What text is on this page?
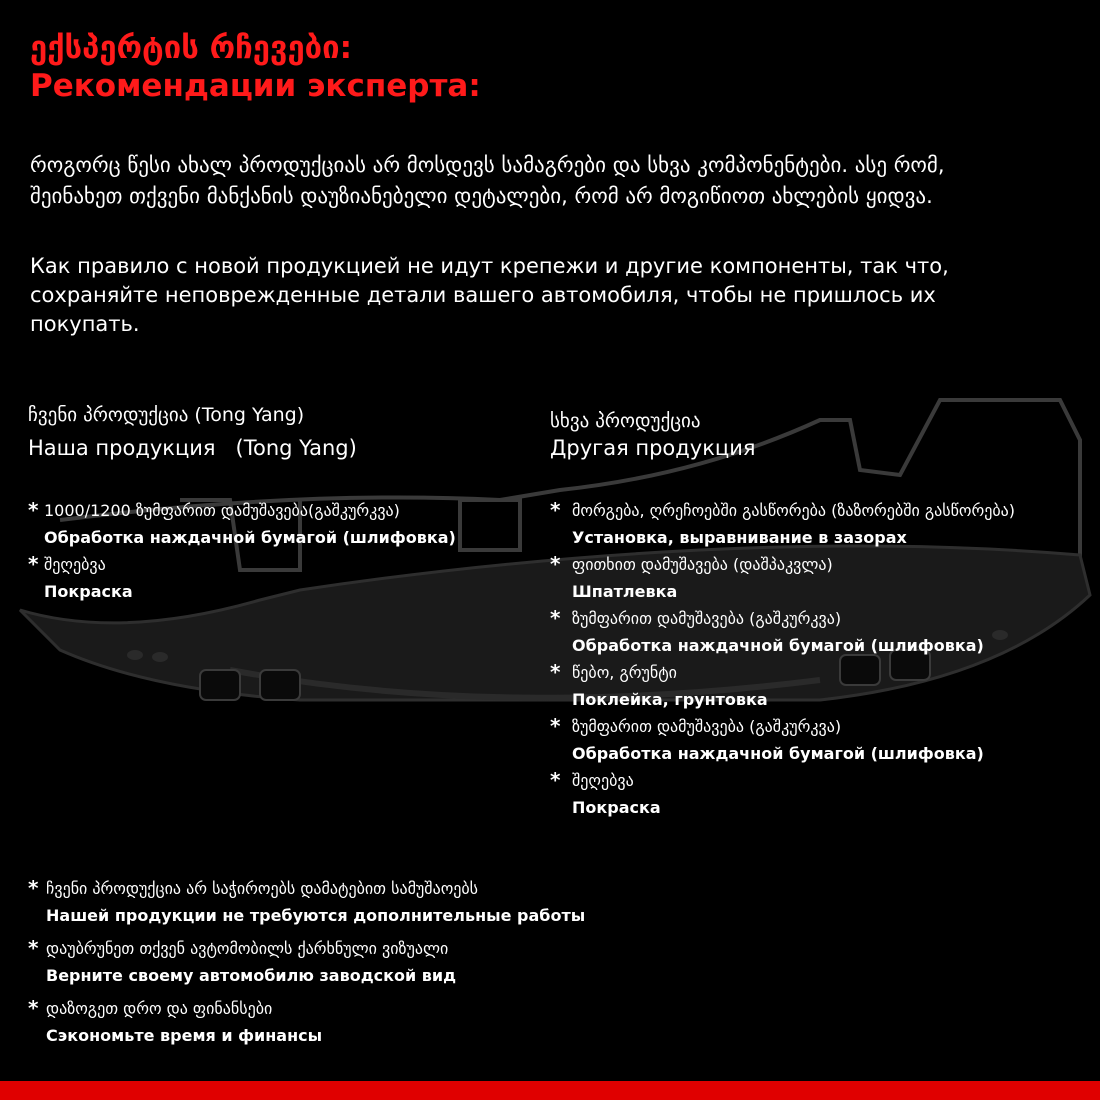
ექსპერტის რჩევები:
Рекомендации эксперта:

როგორც წესი ახალ პროდუქციას არ მოსდევს სამაგრები და სხვა კომპონენტები. ასე რომ, შეინახეთ თქვენი მანქანის დაუზიანებელი დეტალები, რომ არ მოგიწიოთ ახლების ყიდვა.

Как правило с новой продукцией не идут крепежи и другие компоненты, так что, сохраняйте неповрежденные детали вашего автомобиля, чтобы не пришлось их покупать.

ჩვენი პროდუქცია (Tong Yang)
Наша продукция   (Tong Yang)
სხვა პროდუქცია
Другая продукция
* 1000/1200 ზუმფარით დამუშავება(გაშკურკვა)
Обработка наждачной бумагой (шлифовка)
* შეღებვა
Покраска
* მორგება, ღრეჩოებში გასწორება (ზაზორებში გასწორება)
Установка, выравнивание в зазорах
* ფითხით დამუშავება (დაშპაკვლა)
Шпатлевка
* ზუმფარით დამუშავება (გაშკურკვა)
Обработка наждачной бумагой (шлифовка)
* წებო, გრუნტი
Поклейка, грунтовка
* ზუმფარით დამუშავება (გაშკურკვა)
Обработка наждачной бумагой (шлифовка)
* შეღებვა
Покраска
* ჩვენი პროდუქცია არ საჭიროებს დამატებით სამუშაოებს
Нашей продукции не требуются дополнительные работы
* დაუბრუნეთ თქვენ ავტომობილს ქარხნული ვიზუალი
Верните своему автомобилю заводской вид
* დაზოგეთ დრო და ფინანსები
Сэкономьте время и финансы
